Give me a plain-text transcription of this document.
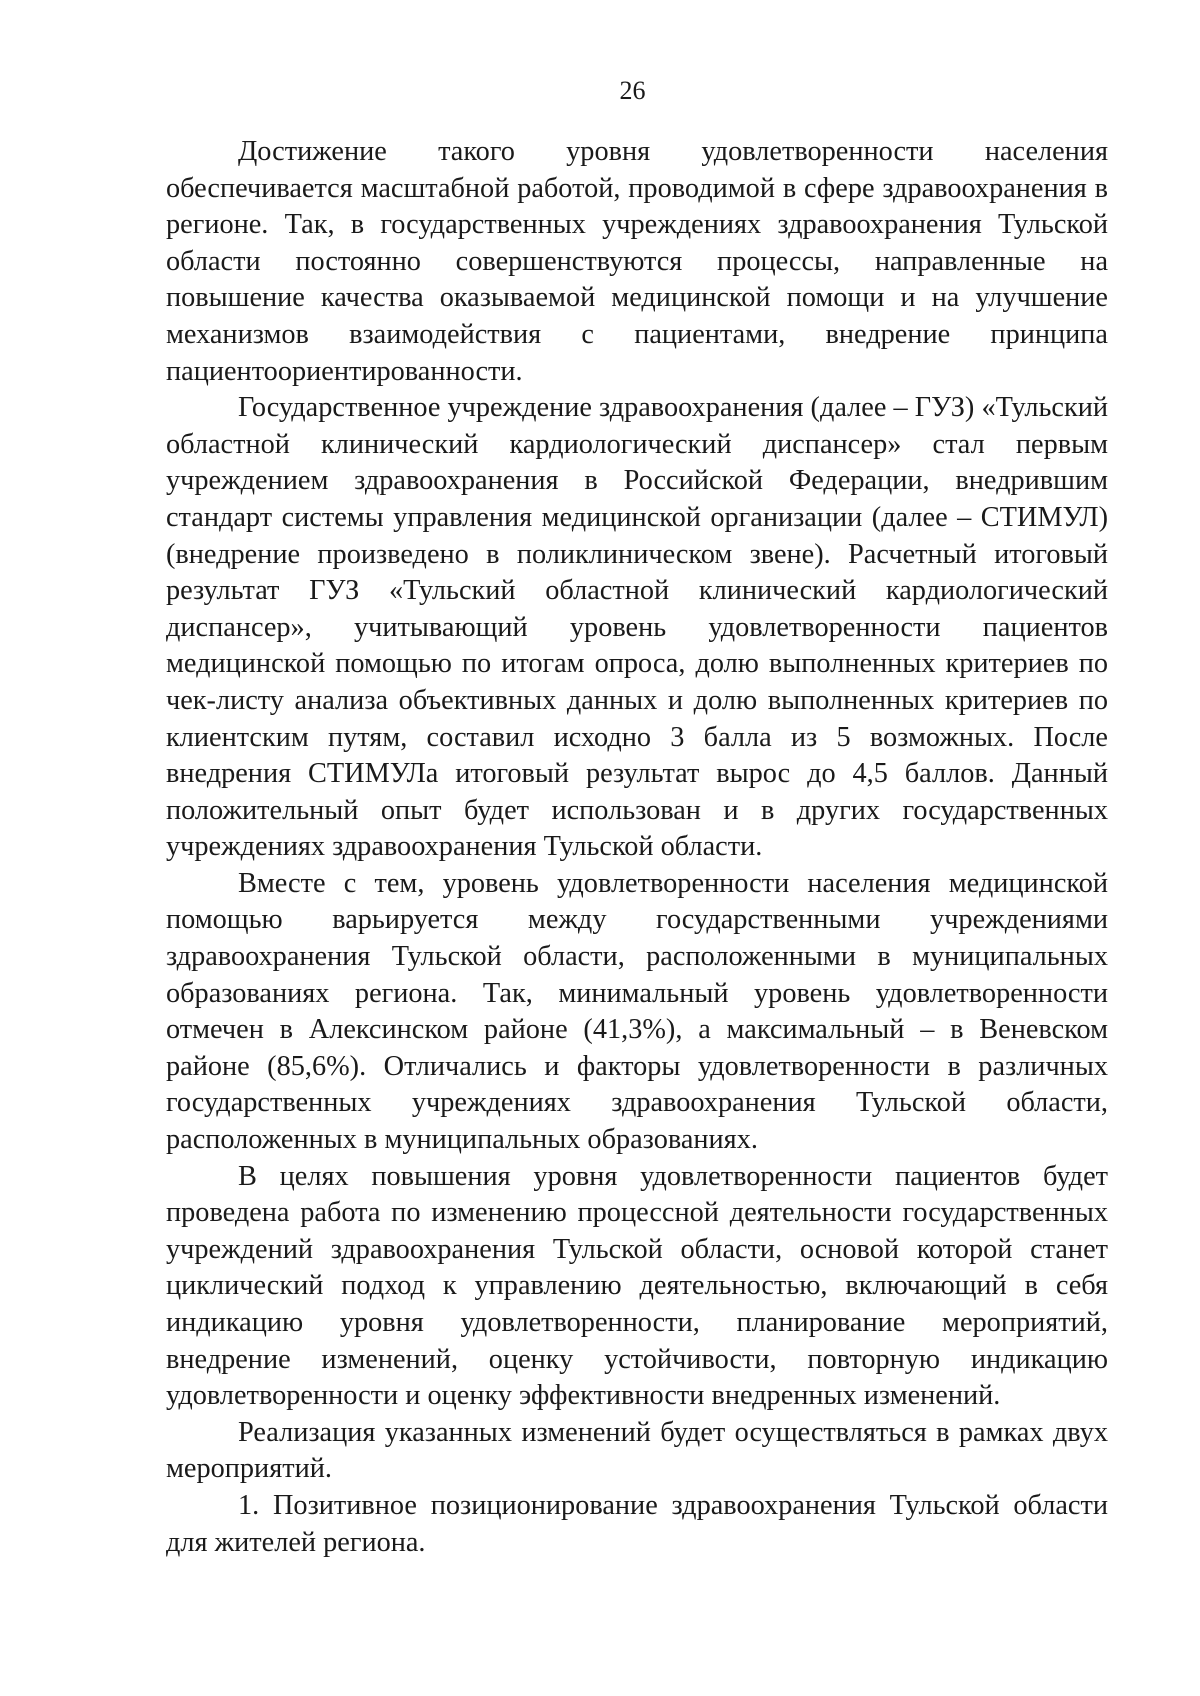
26

Достижение такого уровня удовлетворенности населения обеспечивается масштабной работой, проводимой в сфере здравоохранения в регионе. Так, в государственных учреждениях здравоохранения Тульской области постоянно совершенствуются процессы, направленные на повышение качества оказываемой медицинской помощи и на улучшение механизмов взаимодействия с пациентами, внедрение принципа пациентоориентированности.

Государственное учреждение здравоохранения (далее – ГУЗ) «Тульский областной клинический кардиологический диспансер» стал первым учреждением здравоохранения в Российской Федерации, внедрившим стандарт системы управления медицинской организации (далее – СТИМУЛ) (внедрение произведено в поликлиническом звене). Расчетный итоговый результат ГУЗ «Тульский областной клинический кардиологический диспансер», учитывающий уровень удовлетворенности пациентов медицинской помощью по итогам опроса, долю выполненных критериев по чек-листу анализа объективных данных и долю выполненных критериев по клиентским путям, составил исходно 3 балла из 5 возможных. После внедрения СТИМУЛа итоговый результат вырос до 4,5 баллов. Данный положительный опыт будет использован и в других государственных учреждениях здравоохранения Тульской области.

Вместе с тем, уровень удовлетворенности населения медицинской помощью варьируется между государственными учреждениями здравоохранения Тульской области, расположенными в муниципальных образованиях региона. Так, минимальный уровень удовлетворенности отмечен в Алексинском районе (41,3%), а максимальный – в Веневском районе (85,6%). Отличались и факторы удовлетворенности в различных государственных учреждениях здравоохранения Тульской области, расположенных в муниципальных образованиях.

В целях повышения уровня удовлетворенности пациентов будет проведена работа по изменению процессной деятельности государственных учреждений здравоохранения Тульской области, основой которой станет циклический подход к управлению деятельностью, включающий в себя индикацию уровня удовлетворенности, планирование мероприятий, внедрение изменений, оценку устойчивости, повторную индикацию удовлетворенности и оценку эффективности внедренных изменений.

Реализация указанных изменений будет осуществляться в рамках двух мероприятий.

1. Позитивное позиционирование здравоохранения Тульской области для жителей региона.
